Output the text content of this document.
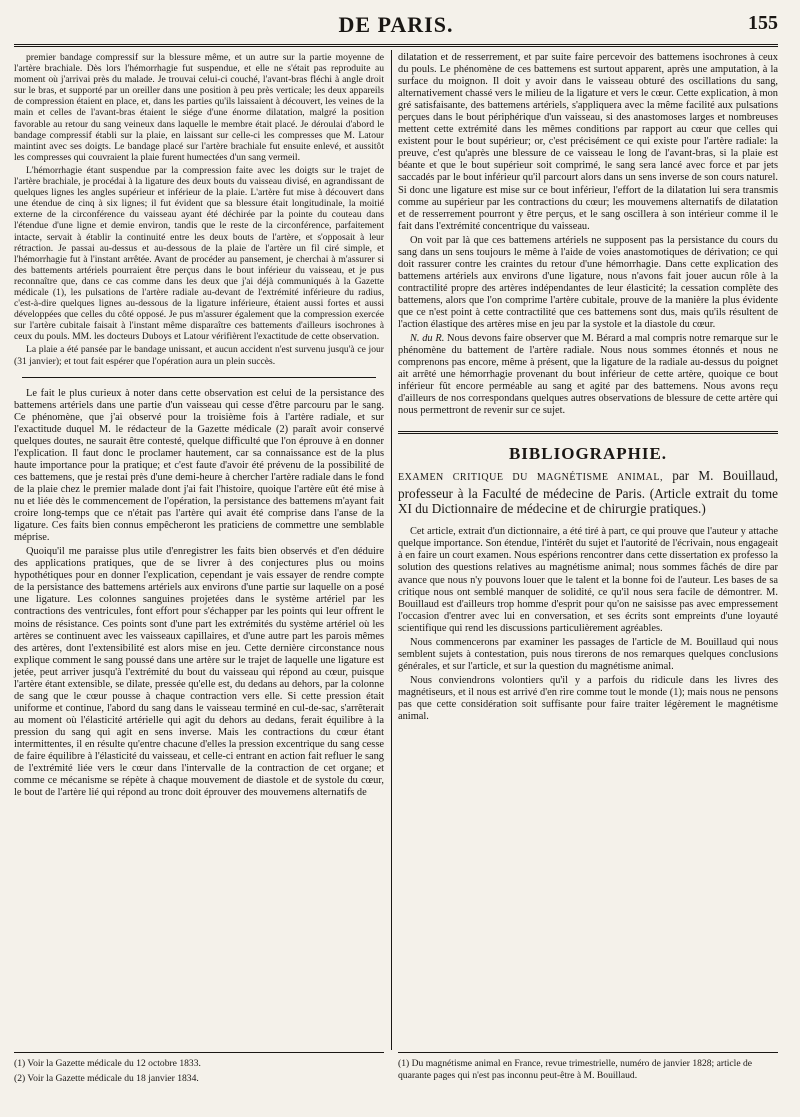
DE PARIS.	155

premier bandage compressif sur la blessure même, et un autre sur la partie moyenne de l'artère brachiale. Dès lors l'hémorrhagie fut suspendue, et elle ne s'était pas reproduite au moment où j'arrivai près du malade. Je trouvai celui-ci couché, l'avant-bras fléchi à angle droit sur le bras, et supporté par un oreiller dans une position à peu près verticale; les deux appareils de compression étaient en place, et, dans les parties qu'ils laissaient à découvert, les veines de la main et celles de l'avant-bras étaient le siége d'une énorme dilatation, malgré la position favorable au retour du sang veineux dans laquelle le membre était placé. Je déroulai d'abord le bandage compressif établi sur la plaie, en laissant sur celle-ci les compresses que M. Latour maintint avec ses doigts. Le bandage placé sur l'artère brachiale fut ensuite enlevé, et aussitôt les compresses qui couvraient la plaie furent humectées d'un sang vermeil.

L'hémorrhagie étant suspendue par la compression faite avec les doigts sur le trajet de l'artère brachiale, je procédai à la ligature des deux bouts du vaisseau divisé, en agrandissant de quelques lignes les angles supérieur et inférieur de la plaie. L'artère fut mise à découvert dans une étendue de cinq à six lignes; il fut évident que sa blessure était longitudinale, la moitié externe de la circonférence du vaisseau ayant été déchirée par la pointe du couteau dans l'étendue d'une ligne et demie environ, tandis que le reste de la circonférence, parfaitement intacte, servait à établir la continuité entre les deux bouts de l'artère, et s'opposait à leur rétraction. Je passai au-dessus et au-dessous de la plaie de l'artère un fil ciré simple, et l'hémorrhagie fut à l'instant arrêtée. Avant de procéder au pansement, je cherchai à m'assurer si des battements artériels pourraient être perçus dans le bout inférieur du vaisseau, et je pus reconnaître que, dans ce cas comme dans les deux que j'ai déjà communiqués à la Gazette médicale (1), les pulsations de l'artère radiale au-devant de l'extrémité inférieure du radius, c'est-à-dire quelques lignes au-dessous de la ligature inférieure, étaient aussi fortes et aussi développées que celles du côté opposé. Je pus m'assurer également que la compression exercée sur l'artère cubitale faisait à l'instant même disparaître ces battements d'ailleurs isochrones à ceux du pouls. MM. les docteurs Duboys et Latour vérifièrent l'exactitude de cette observation.

La plaie a été pansée par le bandage unissant, et aucun accident n'est survenu jusqu'à ce jour (31 janvier); et tout fait espérer que l'opération aura un plein succès.

Le fait le plus curieux à noter dans cette observation est celui de la persistance des battemens artériels dans une partie d'un vaisseau qui cesse d'être parcouru par le sang. Ce phénomène, que j'ai observé pour la troisième fois à l'artère radiale, et sur l'exactitude duquel M. le rédacteur de la Gazette médicale (2) paraît avoir conservé quelques doutes, ne saurait être contesté, quelque difficulté que l'on éprouve à en donner l'explication. Il faut donc le proclamer hautement, car sa connaissance est de la plus haute importance pour la pratique; et c'est faute d'avoir été prévenu de la possibilité de ces battemens, que je restai près d'une demi-heure à chercher l'artère radiale dans le fond de la plaie chez le premier malade dont j'ai fait l'histoire, quoique l'artère eût été mise à nu et liée dès le commencement de l'opération, la persistance des battemens m'ayant fait croire long-temps que ce n'était pas l'artère qui avait été comprise dans l'anse de la ligature. Ces faits bien connus empêcheront les praticiens de commettre une semblable méprise.

Quoiqu'il me paraisse plus utile d'enregistrer les faits bien observés et d'en déduire des applications pratiques, que de se livrer à des conjectures plus ou moins hypothétiques pour en donner l'explication, cependant je vais essayer de rendre compte de la persistance des battemens artériels aux environs d'une partie sur laquelle on a posé une ligature. Les colonnes sanguines projetées dans le système artériel par les contractions des ventricules, font effort pour s'échapper par les points qui leur offrent le moins de résistance. Ces points sont d'une part les extrémités du système artériel où les artères se continuent avec les vaisseaux capillaires, et d'une autre part les parois mêmes des artères, dont l'extensibilité est alors mise en jeu. Cette dernière circonstance nous explique comment le sang poussé dans une artère sur le trajet de laquelle une ligature est jetée, peut arriver jusqu'à l'extrémité du bout du vaisseau qui répond au cœur, puisque l'artère étant extensible, se dilate, pressée qu'elle est, du dedans au dehors, par la colonne de sang que le cœur pousse à chaque contraction vers elle. Si cette pression était uniforme et continue, l'abord du sang dans le vaisseau terminé en cul-de-sac, s'arrêterait au moment où l'élasticité artérielle qui agit du dehors au dedans, ferait équilibre à la pression du sang qui agit en sens inverse. Mais les contractions du cœur étant intermittentes, il en résulte qu'entre chacune d'elles la pression excentrique du sang cesse de faire équilibre à l'élasticité du vaisseau, et celle-ci entrant en action fait refluer le sang de l'extrémité liée vers le cœur dans l'intervalle de la contraction de cet organe; et comme ce mécanisme se répète à chaque mouvement de diastole et de systole du cœur, le bout de l'artère lié qui répond au tronc doit éprouver des mouvemens alternatifs de

dilatation et de resserrement, et par suite faire percevoir des battemens isochrones à ceux du pouls. Le phénomène de ces battemens est surtout apparent, après une amputation, à la surface du moignon. Il doit y avoir dans le vaisseau obturé des oscillations du sang, alternativement chassé vers le milieu de la ligature et vers le cœur. Cette explication, à mon gré satisfaisante, des battemens artériels, s'appliquera avec la même facilité aux pulsations perçues dans le bout périphérique d'un vaisseau, si des anastomoses larges et nombreuses mettent cette extrémité dans les mêmes conditions par rapport au cœur que celles qui existent pour le bout supérieur; or, c'est précisément ce qui existe pour l'artère radiale: la preuve, c'est qu'après une blessure de ce vaisseau le long de l'avant-bras, si la plaie est béante et que le bout supérieur soit comprimé, le sang sera lancé avec force et par jets saccadés par le bout inférieur qu'il parcourt alors dans un sens inverse de son cours naturel. Si donc une ligature est mise sur ce bout inférieur, l'effort de la dilatation lui sera transmis comme au supérieur par les contractions du cœur; les mouvemens alternatifs de dilatation et de resserrement pourront y être perçus, et le sang oscillera à son intérieur comme il le fait dans l'extrémité concentrique du vaisseau.

On voit par là que ces battemens artériels ne supposent pas la persistance du cours du sang dans un sens toujours le même à l'aide de voies anastomotiques de dérivation; ce qui doit rassurer contre les craintes du retour d'une hémorrhagie. Dans cette explication des battemens artériels aux environs d'une ligature, nous n'avons fait jouer aucun rôle à la contractilité propre des artères indépendantes de leur élasticité; la cessation complète des battemens, alors que l'on comprime l'artère cubitale, prouve de la manière la plus évidente que ce n'est point à cette contractilité que ces battemens sont dus, mais qu'ils résultent de l'action élastique des artères mise en jeu par la systole et la diastole du cœur.

N. du R. Nous devons faire observer que M. Bérard a mal compris notre remarque sur le phénomène du battement de l'artère radiale. Nous nous sommes étonnés et nous ne comprenons pas encore, même à présent, que la ligature de la radiale au-dessus du poignet ait arrêté une hémorrhagie provenant du bout inférieur de cette artère, quoique ce bout inférieur fût encore perméable au sang et agité par des battemens. Nous avons reçu d'ailleurs de nos correspondans quelques autres observations de blessure de cette artère qui nous permettront de revenir sur ce sujet.

BIBLIOGRAPHIE.

EXAMEN CRITIQUE DU MAGNÉTISME ANIMAL, par M. Bouillaud, professeur à la Faculté de médecine de Paris. (Article extrait du tome XI du Dictionnaire de médecine et de chirurgie pratiques.)

Cet article, extrait d'un dictionnaire, a été tiré à part, ce qui prouve que l'auteur y attache quelque importance. Son étendue, l'intérêt du sujet et l'autorité de l'écrivain, nous engageait à en faire un court examen. Nous espérions rencontrer dans cette dissertation ex professo la solution des questions relatives au magnétisme animal; nous sommes fâchés de dire par avance que nous n'y pouvons louer que le talent et la bonne foi de l'auteur. Les bases de sa critique nous ont semblé manquer de solidité, ce qu'il nous sera facile de démontrer. M. Bouillaud est d'ailleurs trop homme d'esprit pour qu'on ne saisisse pas avec empressement l'occasion d'entrer avec lui en conversation, et ses écrits sont empreints d'une loyauté scientifique qui rend les discussions particulièrement agréables.

Nous commencerons par examiner les passages de l'article de M. Bouillaud qui nous semblent sujets à contestation, puis nous tirerons de nos remarques quelques conclusions générales, et sur l'article, et sur la question du magnétisme animal.

Nous conviendrons volontiers qu'il y a parfois du ridicule dans les livres des magnétiseurs, et il nous est arrivé d'en rire comme tout le monde (1); mais nous ne pensons pas que cette considération soit suffisante pour faire traiter légèrement le magnétisme animal.

(1) Voir la Gazette médicale du 12 octobre 1833.

(2) Voir la Gazette médicale du 18 janvier 1834.

(1) Du magnétisme animal en France, revue trimestrielle, numéro de janvier 1828; article de quarante pages qui n'est pas inconnu peut-être à M. Bouillaud.
